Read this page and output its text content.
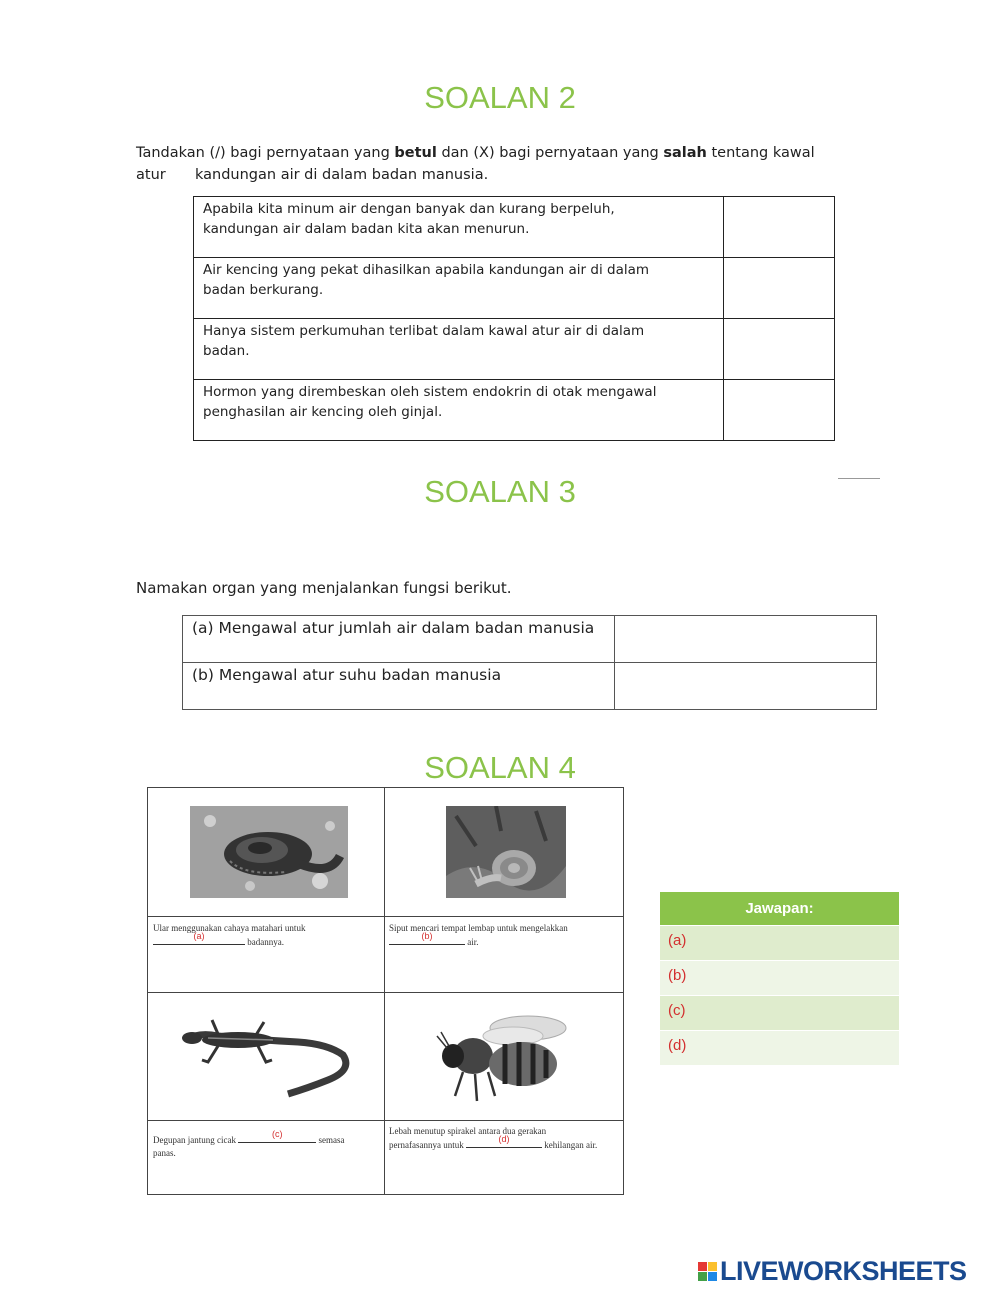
SOALAN 2
Tandakan (/) bagi pernyataan yang betul dan (X) bagi pernyataan yang salah tentang kawal atur	kandungan air di dalam badan manusia.
Apabila kita minum air dengan banyak dan kurang berpeluh,
kandungan air dalam badan kita akan menurun.	
Air kencing yang pekat dihasilkan apabila kandungan air di dalam
badan berkurang.	
Hanya sistem perkumuhan terlibat dalam kawal atur air di dalam
badan.	
Hormon yang dirembeskan oleh sistem endokrin di otak mengawal
penghasilan air kencing oleh ginjal.	
SOALAN 3
Namakan organ yang menjalankan fungsi berikut.
(a) Mengawal atur jumlah air dalam badan manusia	
(b) Mengawal atur suhu badan manusia	
SOALAN 4
Ular menggunakan cahaya matahari untuk

(a)
badannya.
Siput mencari tempat lembap untuk mengelakkan

(b)
air.
Degupan jantung cicak
(c)
semasa
panas.
Lebah menutup spirakel antara dua gerakan
pernafasannya untuk
(d)
kehilangan air.
Jawapan:
(a)
(b)
(c)
(d)
LIVEWORKSHEETS
